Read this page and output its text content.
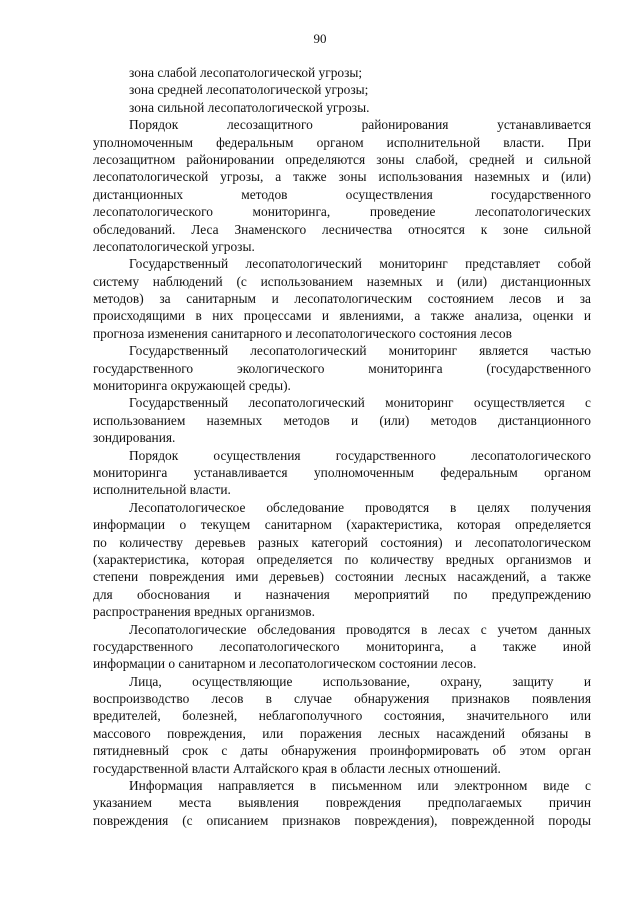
90
зона слабой лесопатологической угрозы;
зона средней лесопатологической угрозы;
зона сильной лесопатологической угрозы.
Порядок лесозащитного районирования устанавливается
уполномоченным федеральным органом исполнительной власти. При
лесозащитном районировании определяются зоны слабой, средней и сильной
лесопатологической угрозы, а также зоны использования наземных и (или)
дистанционных методов осуществления государственного
лесопатологического мониторинга, проведение лесопатологических
обследований. Леса Знаменского лесничества относятся к зоне сильной
лесопатологической угрозы.
Государственный лесопатологический мониторинг представляет собой
систему наблюдений (с использованием наземных и (или) дистанционных
методов) за санитарным и лесопатологическим состоянием лесов и за
происходящими в них процессами и явлениями, а также анализа, оценки и
прогноза изменения санитарного и лесопатологического состояния лесов
Государственный лесопатологический мониторинг является частью
государственного экологического мониторинга (государственного
мониторинга окружающей среды).
Государственный лесопатологический мониторинг осуществляется с
использованием наземных методов и (или) методов дистанционного
зондирования.
Порядок осуществления государственного лесопатологического
мониторинга устанавливается уполномоченным федеральным органом
исполнительной власти.
Лесопатологическое обследование проводятся в целях получения
информации о текущем санитарном (характеристика, которая определяется
по количеству деревьев разных категорий состояния) и лесопатологическом
(характеристика, которая определяется по количеству вредных организмов и
степени повреждения ими деревьев) состоянии лесных насаждений, а также
для обоснования и назначения мероприятий по предупреждению
распространения вредных организмов.
Лесопатологические обследования проводятся в лесах с учетом данных
государственного лесопатологического мониторинга, а также иной
информации о санитарном и лесопатологическом состоянии лесов.
Лица, осуществляющие использование, охрану, защиту и
воспроизводство лесов в случае обнаружения признаков появления
вредителей, болезней, неблагополучного состояния, значительного или
массового повреждения, или поражения лесных насаждений обязаны в
пятидневный срок с даты обнаружения проинформировать об этом орган
государственной власти Алтайского края в области лесных отношений.
Информация направляется в письменном или электронном виде с
указанием места выявления повреждения предполагаемых причин
повреждения (с описанием признаков повреждения), поврежденной породы
